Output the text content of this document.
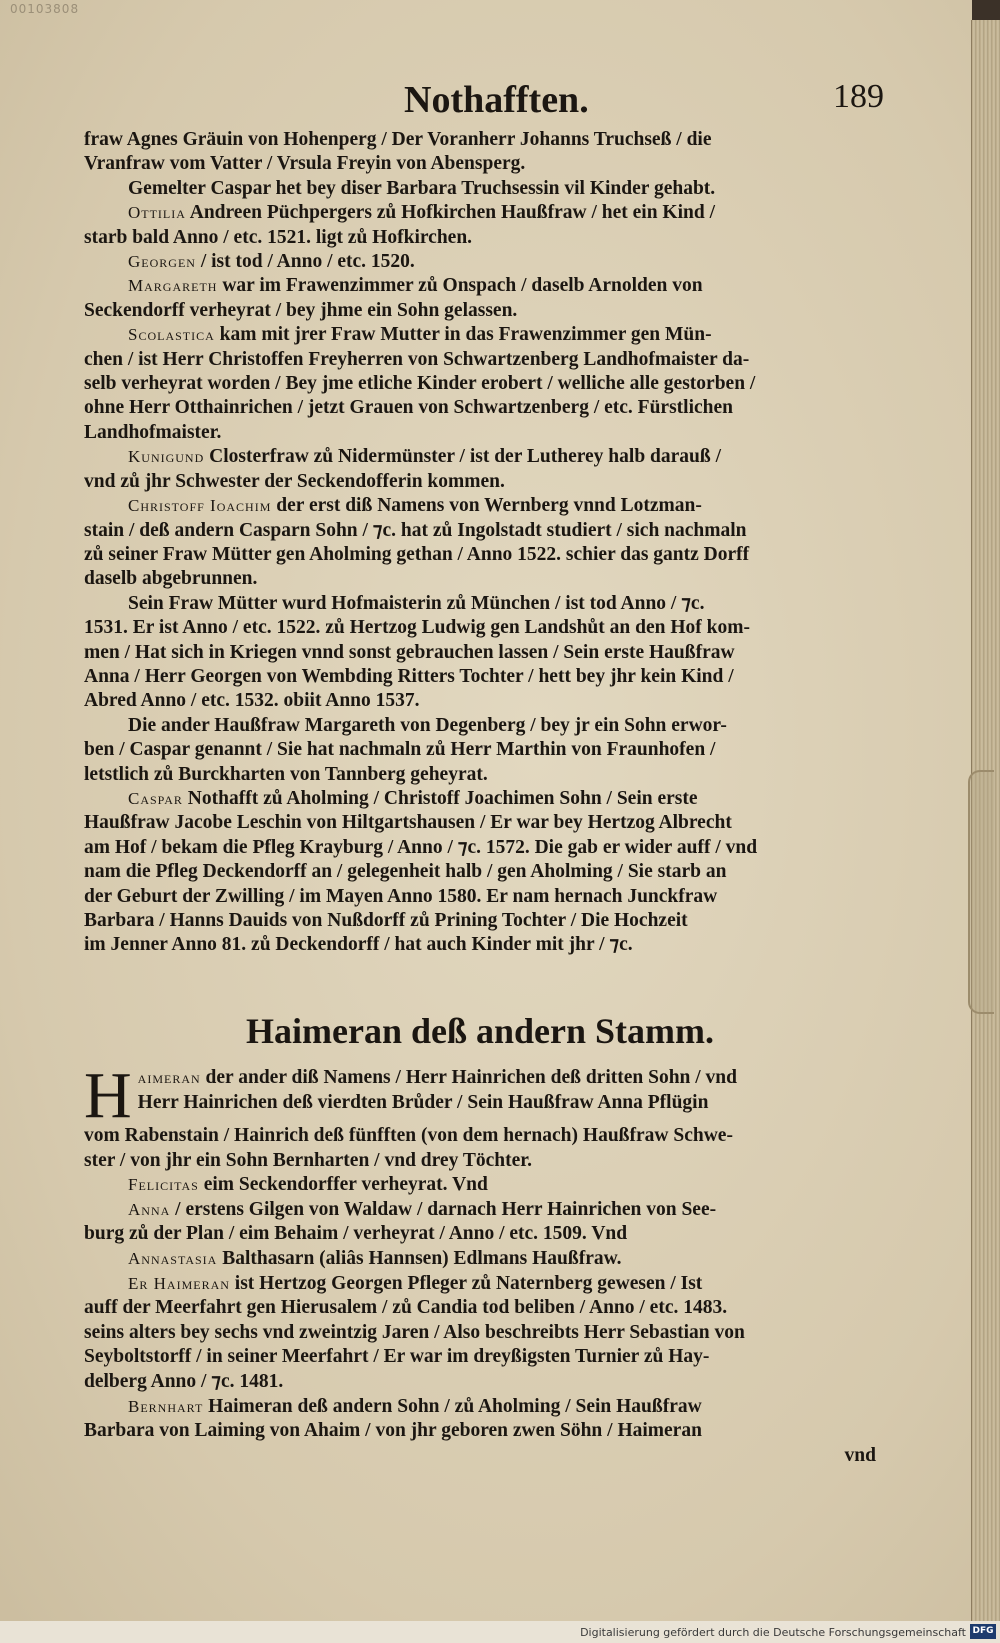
00103808
Nothafften.	189
fraw Agnes Gräuin von Hohenperg / Der Voranherr Johanns Truchseß / die
Vranfraw vom Vatter / Vrsula Freyin von Abensperg.
Gemelter Caspar het bey diser Barbara Truchsessin vil Kinder gehabt.
Ottilia Andreen Püchpergers zů Hofkirchen Haußfraw / het ein Kind /
starb bald Anno / etc. 1521. ligt zů Hofkirchen.
Georgen / ist tod / Anno / etc. 1520.
Margareth war im Frawenzimmer zů Onspach / daselb Arnolden von
Seckendorff verheyrat / bey jhme ein Sohn gelassen.
Scolastica kam mit jrer Fraw Mutter in das Frawenzimmer gen Mün-
chen / ist Herr Christoffen Freyherren von Schwartzenberg Landhofmaister da-
selb verheyrat worden / Bey jme etliche Kinder erobert / welliche alle gestorben /
ohne Herr Otthainrichen / jetzt Grauen von Schwartzenberg / etc. Fürstlichen
Landhofmaister.
Kunigund Closterfraw zů Nidermünster / ist der Lutherey halb darauß /
vnd zů jhr Schwester der Seckendofferin kommen.
Christoff Ioachim der erst diß Namens von Wernberg vnnd Lotzman-
stain / deß andern Casparn Sohn / ⁊c. hat zů Ingolstadt studiert / sich nachmaln
zů seiner Fraw Mütter gen Aholming gethan / Anno 1522. schier das gantz Dorff
daselb abgebrunnen.
Sein Fraw Mütter wurd Hofmaisterin zů München / ist tod Anno / ⁊c.
1531. Er ist Anno / etc. 1522. zů Hertzog Ludwig gen Landshůt an den Hof kom-
men / Hat sich in Kriegen vnnd sonst gebrauchen lassen / Sein erste Haußfraw
Anna / Herr Georgen von Wembding Ritters Tochter / hett bey jhr kein Kind /
Abred Anno / etc. 1532. obiit Anno 1537.
Die ander Haußfraw Margareth von Degenberg / bey jr ein Sohn erwor-
ben / Caspar genannt / Sie hat nachmaln zů Herr Marthin von Fraunhofen /
letstlich zů Burckharten von Tannberg geheyrat.
Caspar Nothafft zů Aholming / Christoff Joachimen Sohn / Sein erste
Haußfraw Jacobe Leschin von Hiltgartshausen / Er war bey Hertzog Albrecht
am Hof / bekam die Pfleg Krayburg / Anno / ⁊c. 1572. Die gab er wider auff / vnd
nam die Pfleg Deckendorff an / gelegenheit halb / gen Aholming / Sie starb an
der Geburt der Zwilling / im Mayen Anno 1580. Er nam hernach Junckfraw
Barbara / Hanns Dauids von Nußdorff zů Prining Tochter / Die Hochzeit
im Jenner Anno 81. zů Deckendorff / hat auch Kinder mit jhr / ⁊c.
Haimeran deß andern Stamm.
H aimeran der ander diß Namens / Herr Hainrichen deß dritten Sohn / vnd
Herr Hainrichen deß vierdten Brůder / Sein Haußfraw Anna Pflügin
vom Rabenstain / Hainrich deß fünfften (von dem hernach) Haußfraw Schwe-
ster / von jhr ein Sohn Bernharten / vnd drey Töchter.
Felicitas eim Seckendorffer verheyrat. Vnd
Anna / erstens Gilgen von Waldaw / darnach Herr Hainrichen von See-
burg zů der Plan / eim Behaim / verheyrat / Anno / etc. 1509. Vnd
Annastasia Balthasarn (aliâs Hannsen) Edlmans Haußfraw.
Er Haimeran ist Hertzog Georgen Pfleger zů Naternberg gewesen / Ist
auff der Meerfahrt gen Hierusalem / zů Candia tod beliben / Anno / etc. 1483.
seins alters bey sechs vnd zweintzig Jaren / Also beschreibts Herr Sebastian von
Seyboltstorff / in seiner Meerfahrt / Er war im dreyßigsten Turnier zů Hay-
delberg Anno / ⁊c. 1481.
Bernhart Haimeran deß andern Sohn / zů Aholming / Sein Haußfraw
Barbara von Laiming von Ahaim / von jhr geboren zwen Söhn / Haimeran
vnd
Digitalisierung gefördert durch die Deutsche Forschungsgemeinschaft DFG
